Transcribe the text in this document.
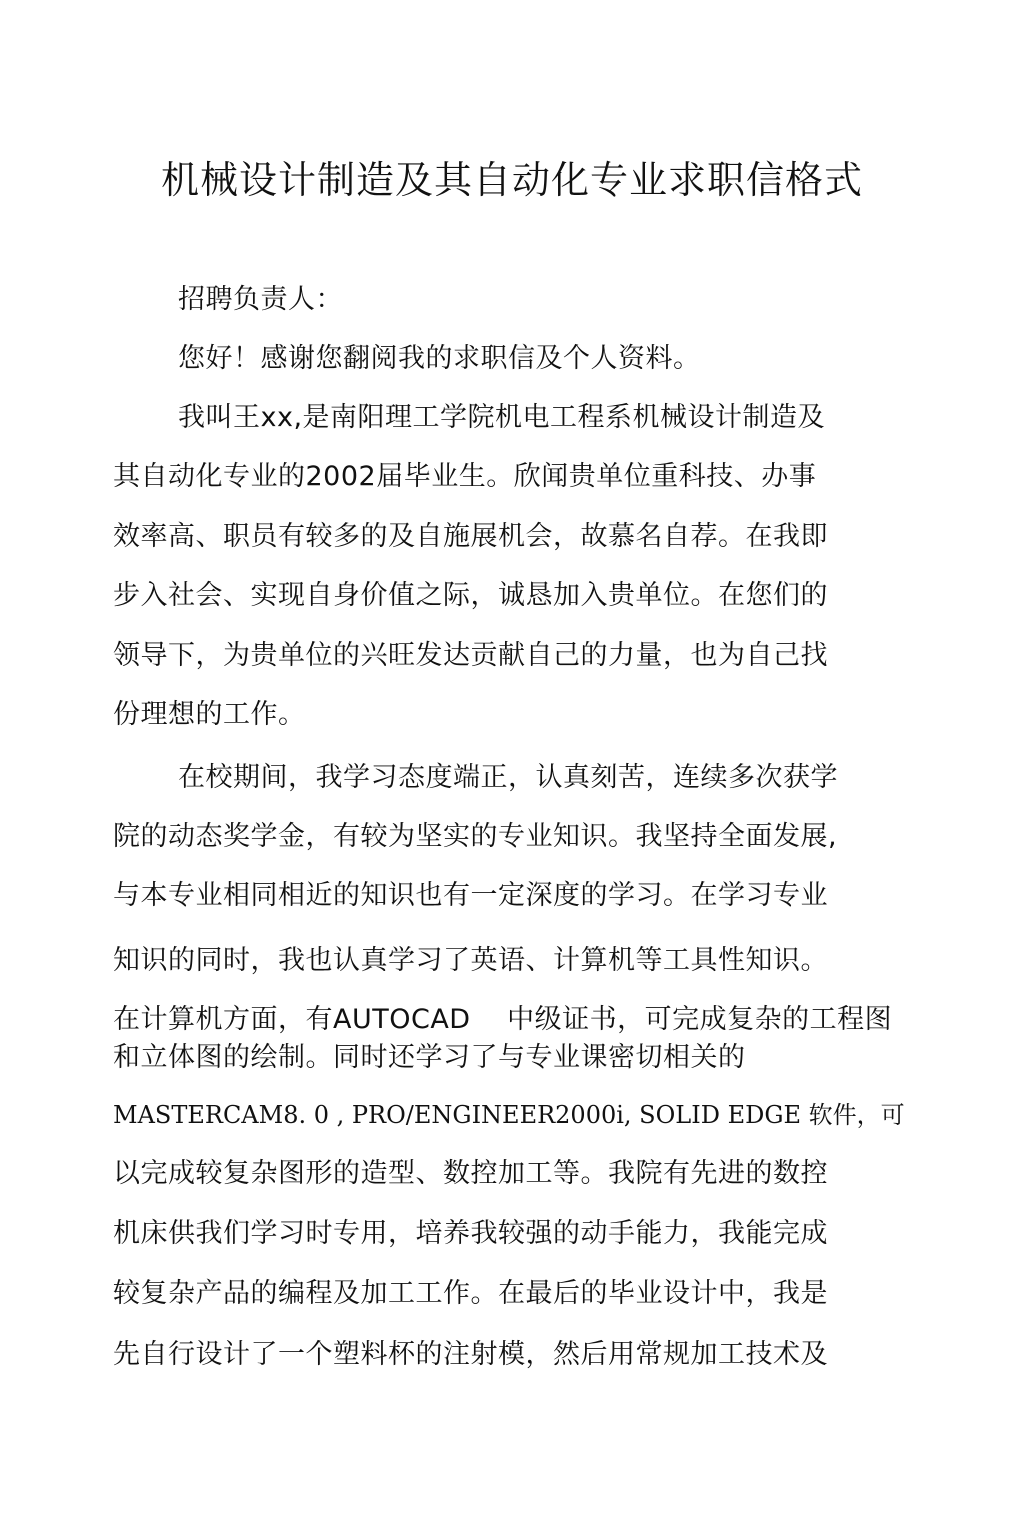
机械设计制造及其自动化专业求职信格式
招聘负责人：
您好！感谢您翻阅我的求职信及个人资料。
我叫王xx,是南阳理工学院机电工程系机械设计制造及
其自动化专业的2002届毕业生。欣闻贵单位重科技、办事
效率高、职员有较多的及自施展机会，故慕名自荐。在我即
步入社会、实现自身价值之际，诚恳加入贵单位。在您们的
领导下，为贵单位的兴旺发达贡献自己的力量，也为自己找
份理想的工作。
在校期间，我学习态度端正，认真刻苦，连续多次获学
院的动态奖学金，有较为坚实的专业知识。我坚持全面发展,
与本专业相同相近的知识也有一定深度的学习。在学习专业
知识的同时，我也认真学习了英语、计算机等工具性知识。
在计算机方面，有AUTOCAD　 中级证书，可完成复杂的工程图
和立体图的绘制。同时还学习了与专业课密切相关的
MASTERCAM8. 0 , PRO/ENGINEER2000i, SOLID EDGE 软件，可
以完成较复杂图形的造型、数控加工等。我院有先进的数控
机床供我们学习时专用，培养我较强的动手能力，我能完成
较复杂产品的编程及加工工作。在最后的毕业设计中，我是
先自行设计了一个塑料杯的注射模，然后用常规加工技术及
